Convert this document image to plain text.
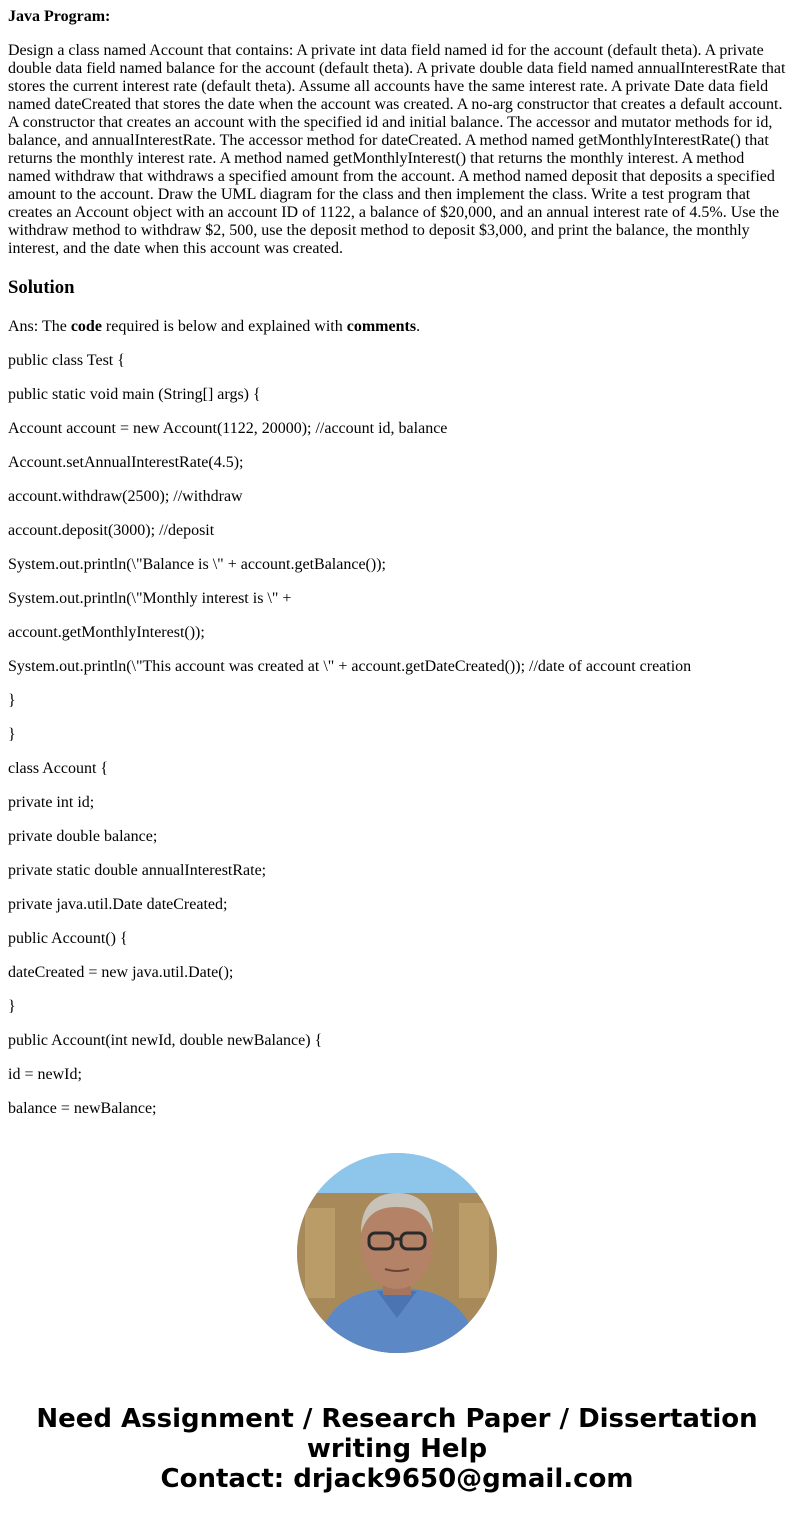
Java Program:

Design a class named Account that contains: A private int data field named id for the account (default theta). A private double data field named balance for the account (default theta). A private double data field named annualInterestRate that stores the current interest rate (default theta). Assume all accounts have the same interest rate. A private Date data field named dateCreated that stores the date when the account was created. A no-arg constructor that creates a default account. A constructor that creates an account with the specified id and initial balance. The accessor and mutator methods for id, balance, and annualInterestRate. The accessor method for dateCreated. A method named getMonthlyInterestRate() that returns the monthly interest rate. A method named getMonthlyInterest() that returns the monthly interest. A method named withdraw that withdraws a specified amount from the account. A method named deposit that deposits a specified amount to the account. Draw the UML diagram for the class and then implement the class. Write a test program that creates an Account object with an account ID of 1122, a balance of $20,000, and an annual interest rate of 4.5%. Use the withdraw method to withdraw $2, 500, use the deposit method to deposit $3,000, and print the balance, the monthly interest, and the date when this account was created.

Solution

Ans: The code required is below and explained with comments.

public class Test {

public static void main (String[] args) {

Account account = new Account(1122, 20000); //account id, balance

Account.setAnnualInterestRate(4.5);

account.withdraw(2500); //withdraw

account.deposit(3000); //deposit

System.out.println(\"Balance is \" + account.getBalance());

System.out.println(\"Monthly interest is \" +

account.getMonthlyInterest());

System.out.println(\"This account was created at \" + account.getDateCreated()); //date of account creation

}

}

class Account {

private int id;

private double balance;

private static double annualInterestRate;

private java.util.Date dateCreated;

public Account() {

dateCreated = new java.util.Date();

}

public Account(int newId, double newBalance) {

id = newId;

balance = newBalance;

Need Assignment / Research Paper / Dissertation
writing Help
Contact: drjack9650@gmail.com
